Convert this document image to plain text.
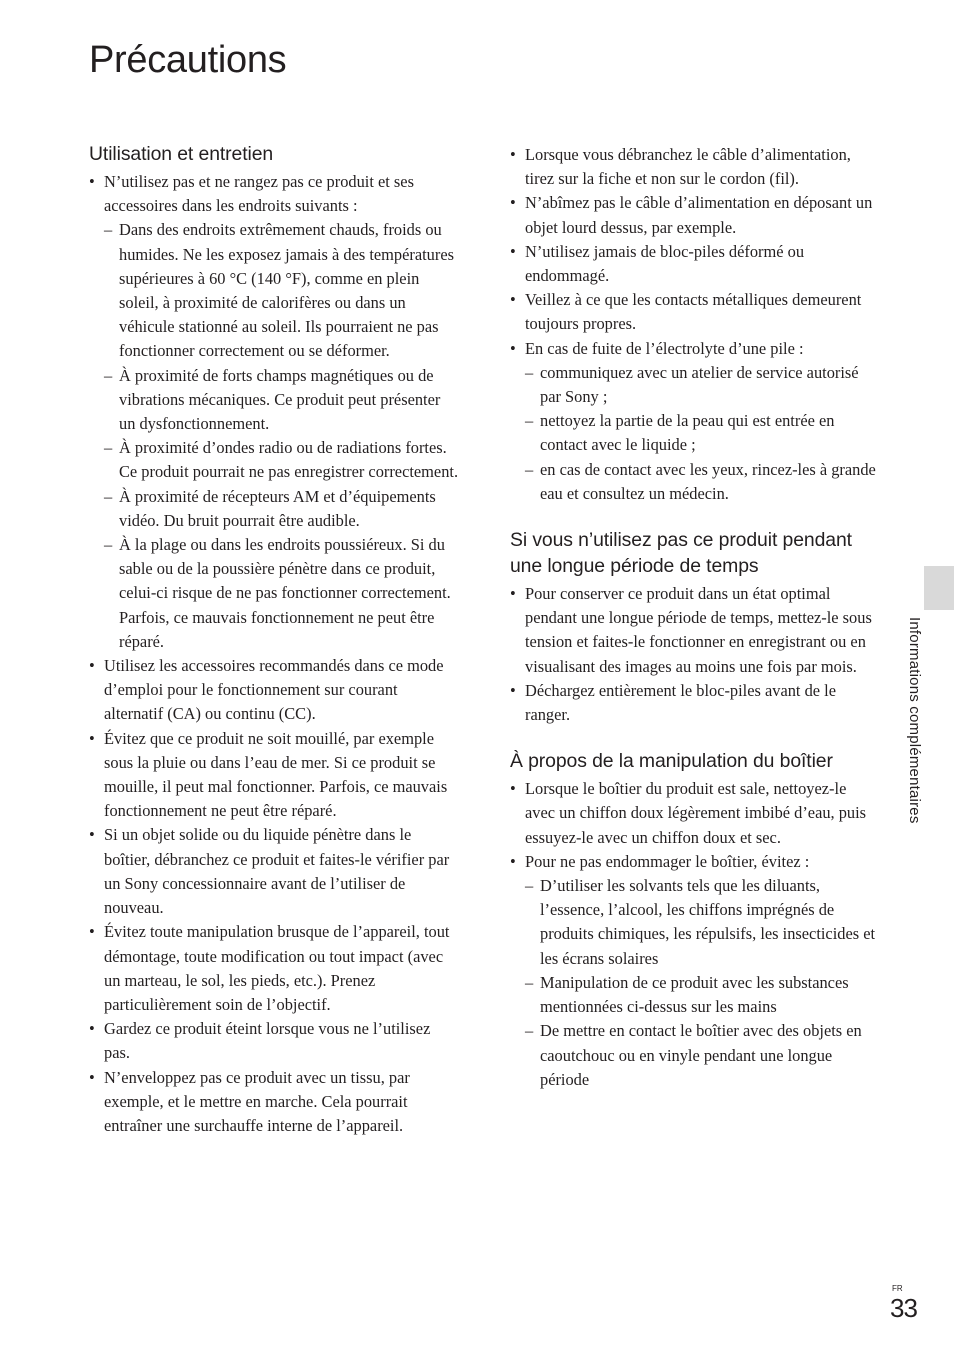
Précautions
Utilisation et entretien
• N’utilisez pas et ne rangez pas ce produit et ses accessoires dans les endroits suivants :
– Dans des endroits extrêmement chauds, froids ou humides. Ne les exposez jamais à des températures supérieures à 60 °C (140 °F), comme en plein soleil, à proximité de calorifères ou dans un véhicule stationné au soleil. Ils pourraient ne pas fonctionner correctement ou se déformer.
– À proximité de forts champs magnétiques ou de vibrations mécaniques. Ce produit peut présenter un dysfonctionnement.
– À proximité d’ondes radio ou de radiations fortes. Ce produit pourrait ne pas enregistrer correctement.
– À proximité de récepteurs AM et d’équipements vidéo. Du bruit pourrait être audible.
– À la plage ou dans les endroits poussiéreux. Si du sable ou de la poussière pénètre dans ce produit, celui-ci risque de ne pas fonctionner correctement. Parfois, ce mauvais fonctionnement ne peut être réparé.
• Utilisez les accessoires recommandés dans ce mode d’emploi pour le fonctionnement sur courant alternatif (CA) ou continu (CC).
• Évitez que ce produit ne soit mouillé, par exemple sous la pluie ou dans l’eau de mer. Si ce produit se mouille, il peut mal fonctionner. Parfois, ce mauvais fonctionnement ne peut être réparé.
• Si un objet solide ou du liquide pénètre dans le boîtier, débranchez ce produit et faites-le vérifier par un Sony concessionnaire avant de l’utiliser de nouveau.
• Évitez toute manipulation brusque de l’appareil, tout démontage, toute modification ou tout impact (avec un marteau, le sol, les pieds, etc.). Prenez particulièrement soin de l’objectif.
• Gardez ce produit éteint lorsque vous ne l’utilisez pas.
• N’enveloppez pas ce produit avec un tissu, par exemple, et le mettre en marche. Cela pourrait entraîner une surchauffe interne de l’appareil.
• Lorsque vous débranchez le câble d’alimentation, tirez sur la fiche et non sur le cordon (fil).
• N’abîmez pas le câble d’alimentation en déposant un objet lourd dessus, par exemple.
• N’utilisez jamais de bloc-piles déformé ou endommagé.
• Veillez à ce que les contacts métalliques demeurent toujours propres.
• En cas de fuite de l’électrolyte d’une pile :
– communiquez avec un atelier de service autorisé par Sony ;
– nettoyez la partie de la peau qui est entrée en contact avec le liquide ;
– en cas de contact avec les yeux, rincez-les à grande eau et consultez un médecin.
Si vous n’utilisez pas ce produit pendant une longue période de temps
• Pour conserver ce produit dans un état optimal pendant une longue période de temps, mettez-le sous tension et faites-le fonctionner en enregistrant ou en visualisant des images au moins une fois par mois.
• Déchargez entièrement le bloc-piles avant de le ranger.
À propos de la manipulation du boîtier
• Lorsque le boîtier du produit est sale, nettoyez-le avec un chiffon doux légèrement imbibé d’eau, puis essuyez-le avec un chiffon doux et sec.
• Pour ne pas endommager le boîtier, évitez :
– D’utiliser les solvants tels que les diluants, l’essence, l’alcool, les chiffons imprégnés de produits chimiques, les répulsifs, les insecticides et les écrans solaires
– Manipulation de ce produit avec les substances mentionnées ci-dessus sur les mains
– De mettre en contact le boîtier avec des objets en caoutchouc ou en vinyle pendant une longue période
Informations complémentaires
FR
33
